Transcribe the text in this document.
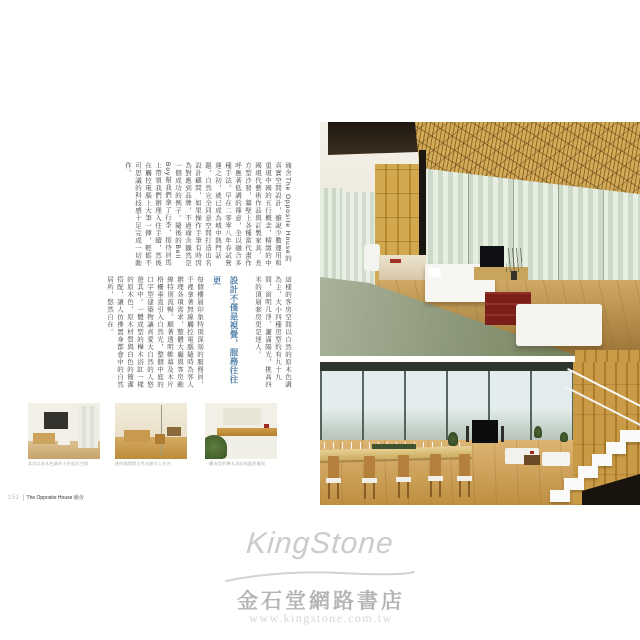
瑜舍The Opposite House的真實空間設計，雖說少數運用和重現中國的五行概念，精緻的中國現代藝術作品與訂製家具、長方型沙發，牆壁上各種當代畫作呼應著低調的禪意，全以融合多種手法。早在二零零八年春試營運之初，就已成為城中熱門話題，自然完全同意空間打造出名設計顧問，如果操作手筆有時因為對應到品牌，不過瑜舍顯然是一個成功的例子。隨後的Bell Boy幫我們拿了行李，接待員馬上帶領我們辦理入住手續，然後在觸控電腦上大筆一揮，輕鬆不可思議的科技感十足完成一切動作。
這樣的客房空間以自然的原木色調為主，大小四種房型約有九十九間，窗明几淨、灑滿陽光，挑高四米的頂層套房更是迷人。
設計不僅是視覺，服務往往更
每個樓層印象特別深刻的服務員，手裡拿著無線觸控電腦隨時為客人辦理各項需求，整體大廳與客房動線特別流暢。順著透明帷幕及木片格柵垂直引入自然光，整個中庭的口字型建築物讓喜愛大自然的人悠遊其中。一體成型的樺木浴缸一樣的原木色，原木材質與白色的簡潔搭配，讓人彷彿置身都會中的自然居所，悠然自在。
客房以原木色調為主的起居空間	透明隔間將自然光線引入室內	一體成型的樺木浴缸與盥洗檯面
151 The Opposite House 瑜舍
KingStone
金石堂網路書店
www.kingstone.com.tw
